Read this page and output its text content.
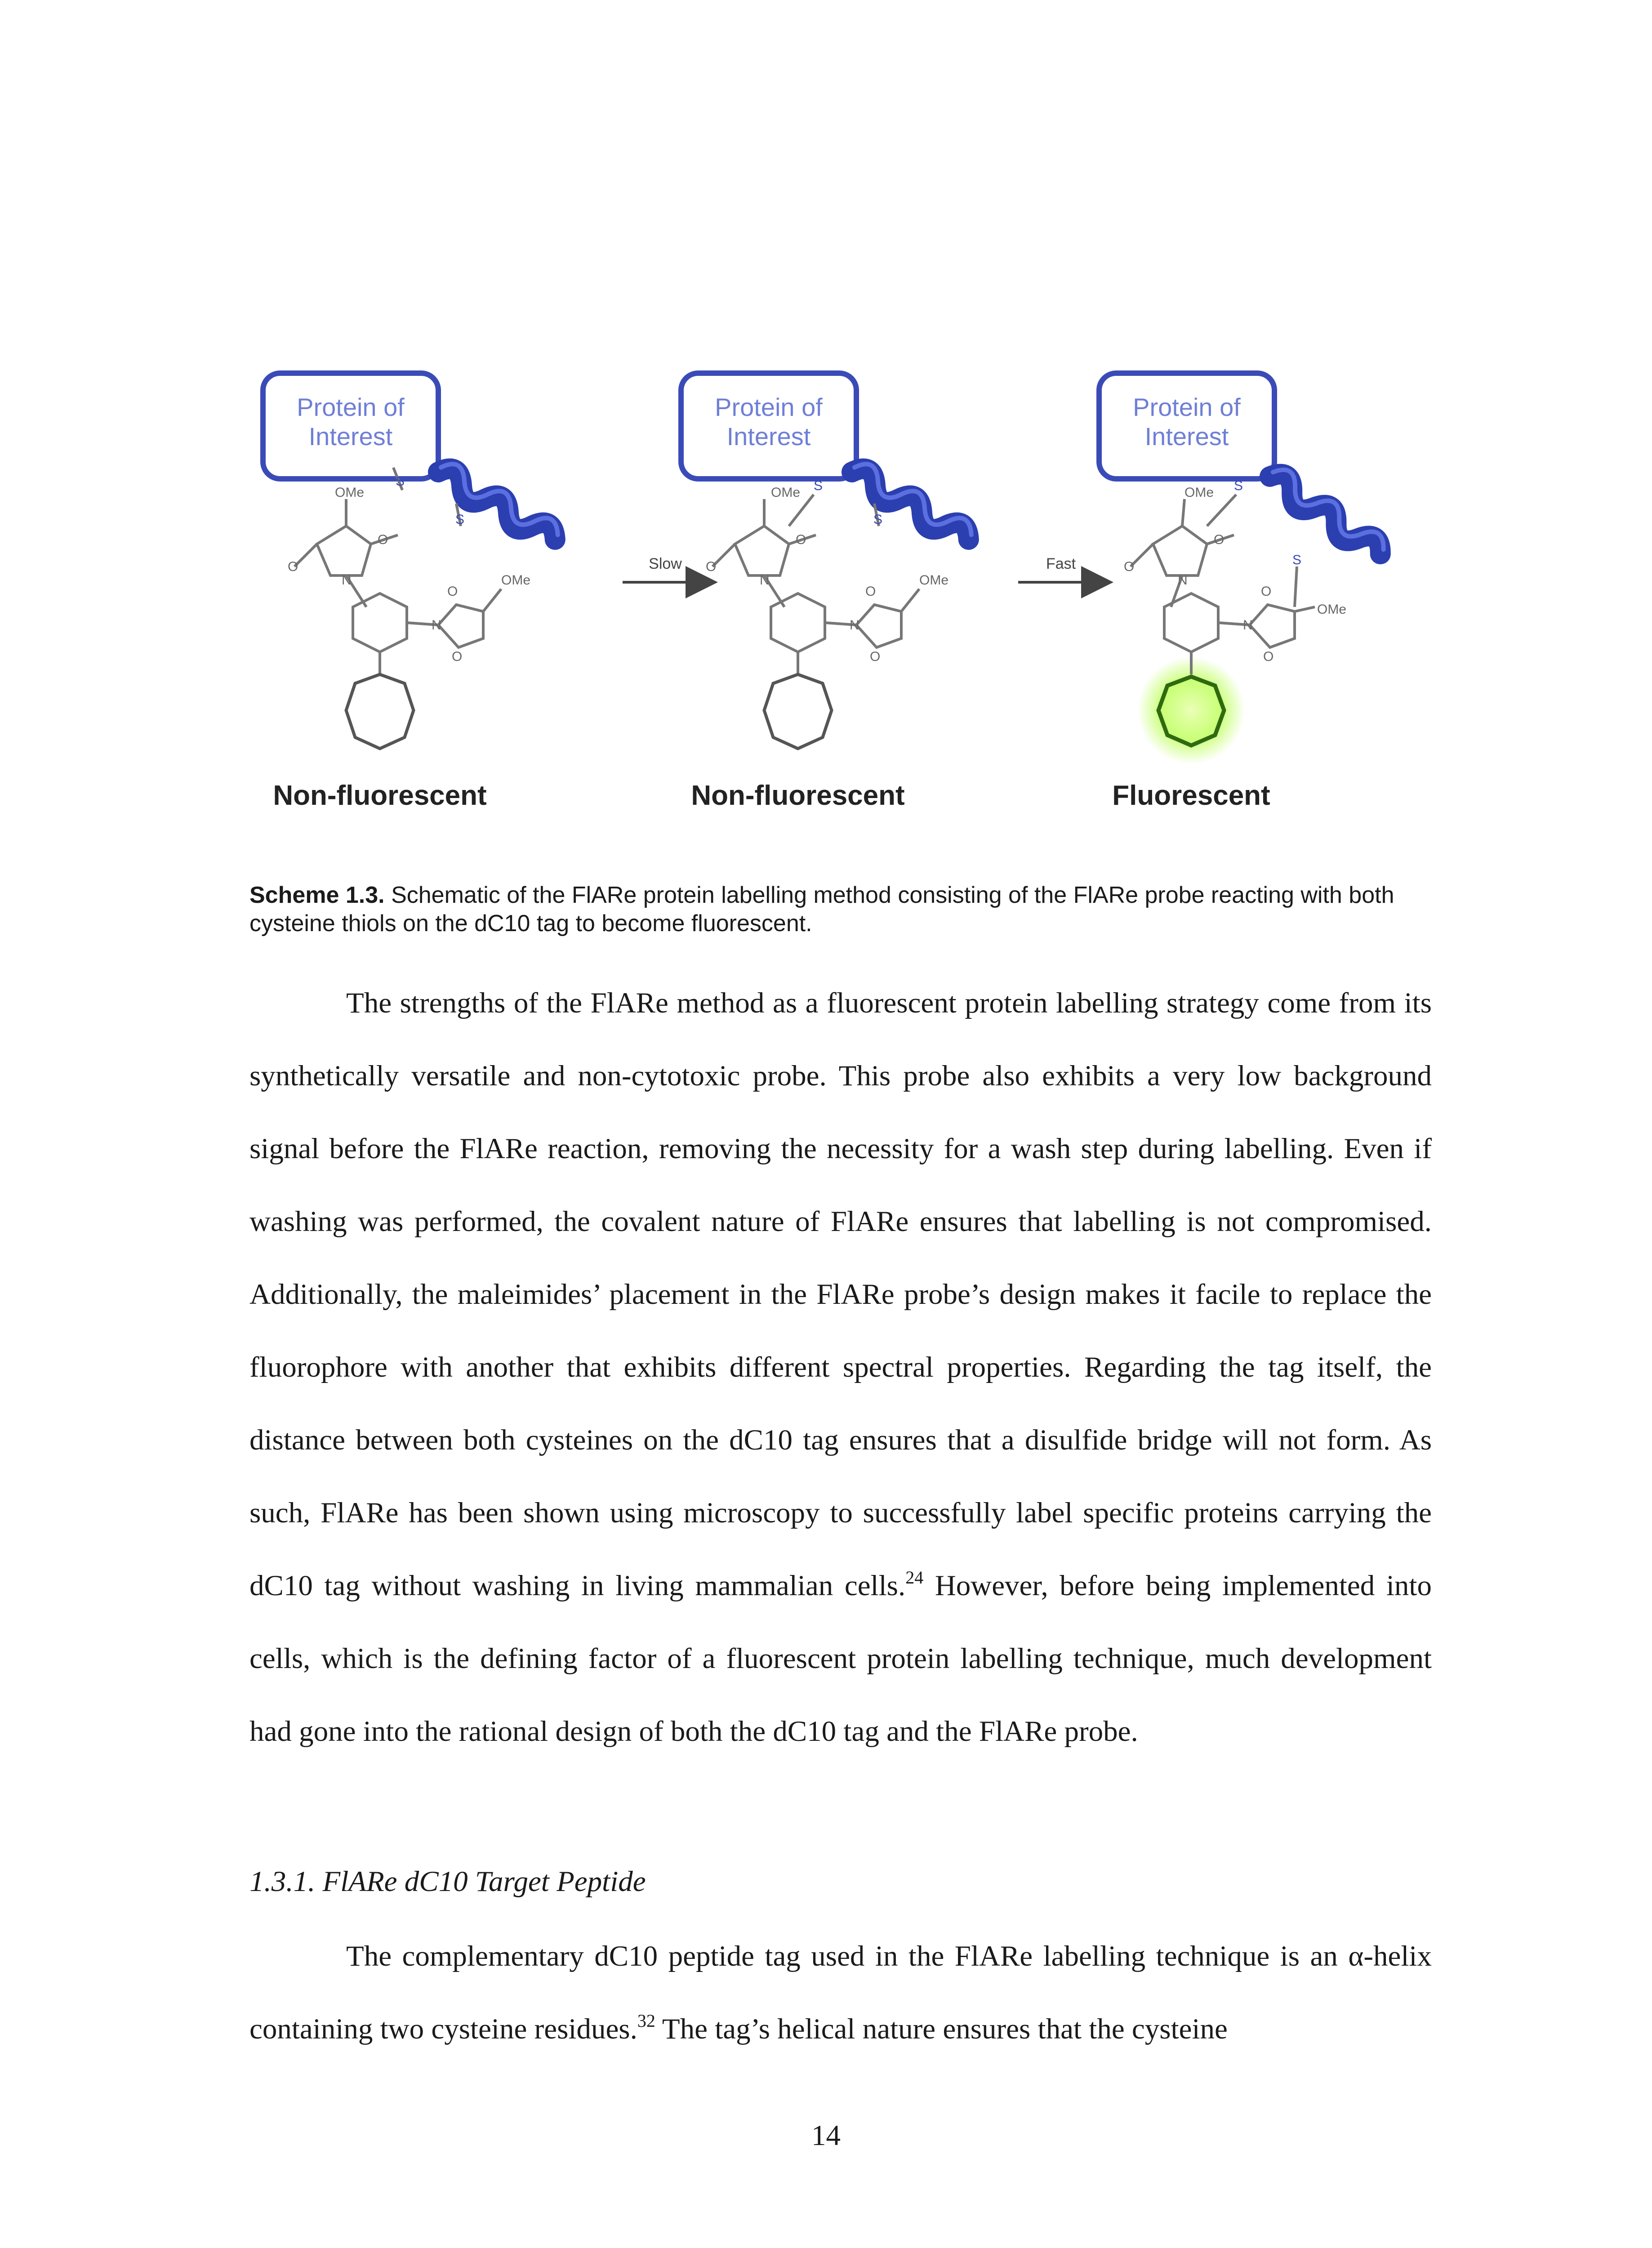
Protein of
Interest
OMe
O
O
N
N
OMe
O
O
S
S
Non-fluorescent
Slow
Protein of
Interest
OMe
O
O
N
N
OMe
O
O
S
S
Non-fluorescent
Fast
Protein of
Interest
OMe
O
O
N
N
OMe
O
O
S
S
Fluorescent
Scheme 1.3. Schematic of the FlARe protein labelling method consisting of the FlARe probe reacting with both cysteine thiols on the dC10 tag to become fluorescent.

The strengths of the FlARe method as a fluorescent protein labelling strategy come from its synthetically versatile and non-cytotoxic probe. This probe also exhibits a very low background signal before the FlARe reaction, removing the necessity for a wash step during labelling. Even if washing was performed, the covalent nature of FlARe ensures that labelling is not compromised. Additionally, the maleimides’ placement in the FlARe probe’s design makes it facile to replace the fluorophore with another that exhibits different spectral properties. Regarding the tag itself, the distance between both cysteines on the dC10 tag ensures that a disulfide bridge will not form. As such, FlARe has been shown using microscopy to successfully label specific proteins carrying the dC10 tag without washing in living mammalian cells.$^{24}$ However, before being implemented into cells, which is the defining factor of a fluorescent protein labelling technique, much development had gone into the rational design of both the dC10 tag and the FlARe probe.

1.3.1. FlARe dC10 Target Peptide

The complementary dC10 peptide tag used in the FlARe labelling technique is an α-helix containing two cysteine residues.$^{32}$ The tag’s helical nature ensures that the cysteine

14
